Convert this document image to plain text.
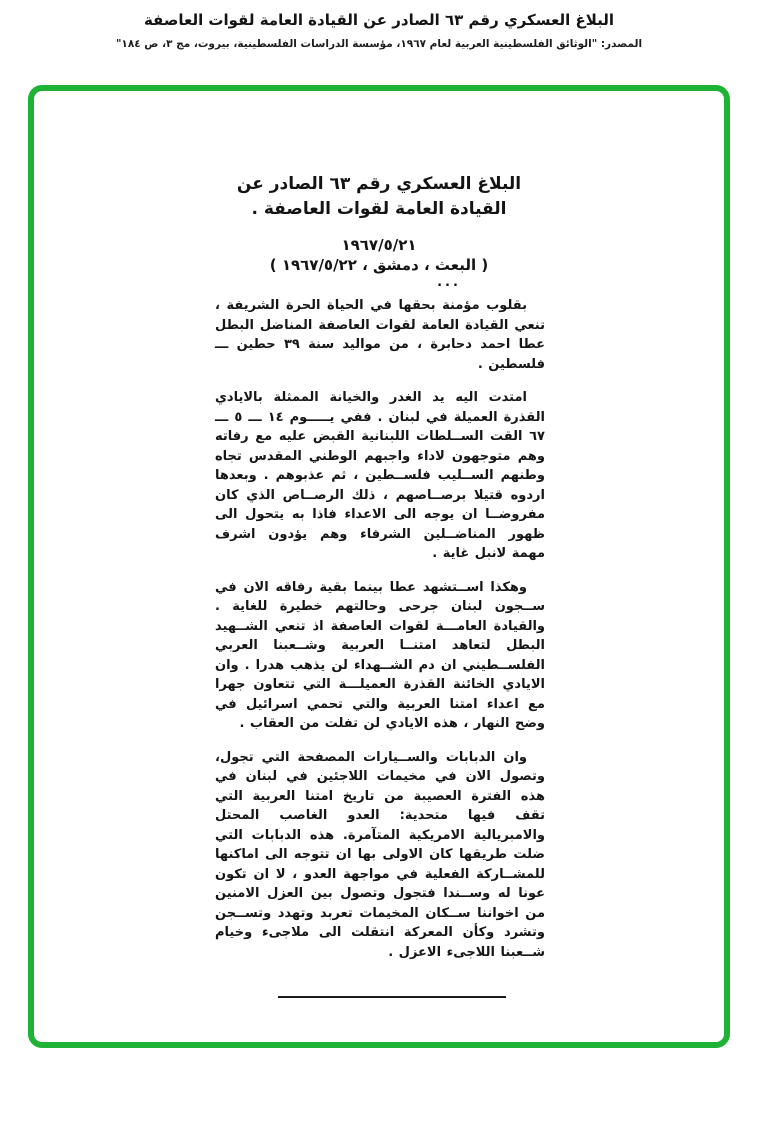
البلاغ العسكري رقم ٦٣ الصادر عن القيادة العامة لقوات العاصفة
المصدر: "الوثائق الفلسطينية العربية لعام ١٩٦٧، مؤسسة الدراسات الفلسطينية، بيروت، مج ٣، ص ١٨٤"
البلاغ العسكري رقم ٦٣ الصادر عن
القيادة العامة لقوات العاصفة .
١٩٦٧/٥/٢١
( البعث ، دمشق ، ١٩٦٧/٥/٢٢ )
...

بقلوب مؤمنة بحقها في الحياة الحرة الشريفة ، تنعي القيادة العامة لقوات العاصفة المناضل البطل عطا احمد دحابرة ، من مواليد سنة ٣٩ حطين ـــ فلسطين .

امتدت اليه يد الغدر والخيانة الممثلة بالايادي القذرة العميلة في لبنان . ففي يـــــوم ١٤ ـــ ٥ ـــ ٦٧ القت الســلطات اللبنانية القبض عليه مع رفاته وهم متوجهون لاداء واجبهم الوطني المقدس تجاه وطنهم الســليب فلســطين ، ثم عذبوهم . وبعدها اردوه قتيلا برصــاصهم ، ذلك الرصــاص الذي كان مفروضــا ان يوجه الى الاعداء فاذا به يتحول الى ظهور المناضــلين الشرفاء وهم يؤدون اشرف مهمة لانبل غاية .

وهكذا اســتشهد عطا بينما بقية رفاقه الان في ســجون لبنان جرحى وحالتهم خطيرة للغاية . والقيادة العامـــة لقوات العاصفة اذ تنعي الشــهيد البطل لتعاهد امتنــا العربية وشــعبنا العربي الفلســطيني ان دم الشــهداء لن يذهب هدرا . وان الايادي الخائنة القذرة العميلـــة التي تتعاون جهرا مع اعداء امتنا العربية والتي تحمي اسرائيل في وضح النهار ، هذه الايادي لن تفلت من العقاب .

وان الدبابات والســيارات المصفحة التي تجول، وتصول الان في مخيمات اللاجئين في لبنان في هذه الفترة العصيبة من تاريخ امتنا العربية التي تقف فيها متحدية: العدو الغاصب المحتل والامبريالية الامريكية المتآمرة. هذه الدبابات التي ضلت طريقها كان الاولى بها ان تتوجه الى اماكنها للمشــاركة الفعلية في مواجهة العدو ، لا ان تكون عونا له وســندا فتجول وتصول بين العزل الامنين من اخواننا ســكان المخيمات تعربد وتهدد وتســجن وتشرد وكأن المعركة انتقلت الى ملاجىء وخيام شــعبنا اللاجىء الاعزل .
